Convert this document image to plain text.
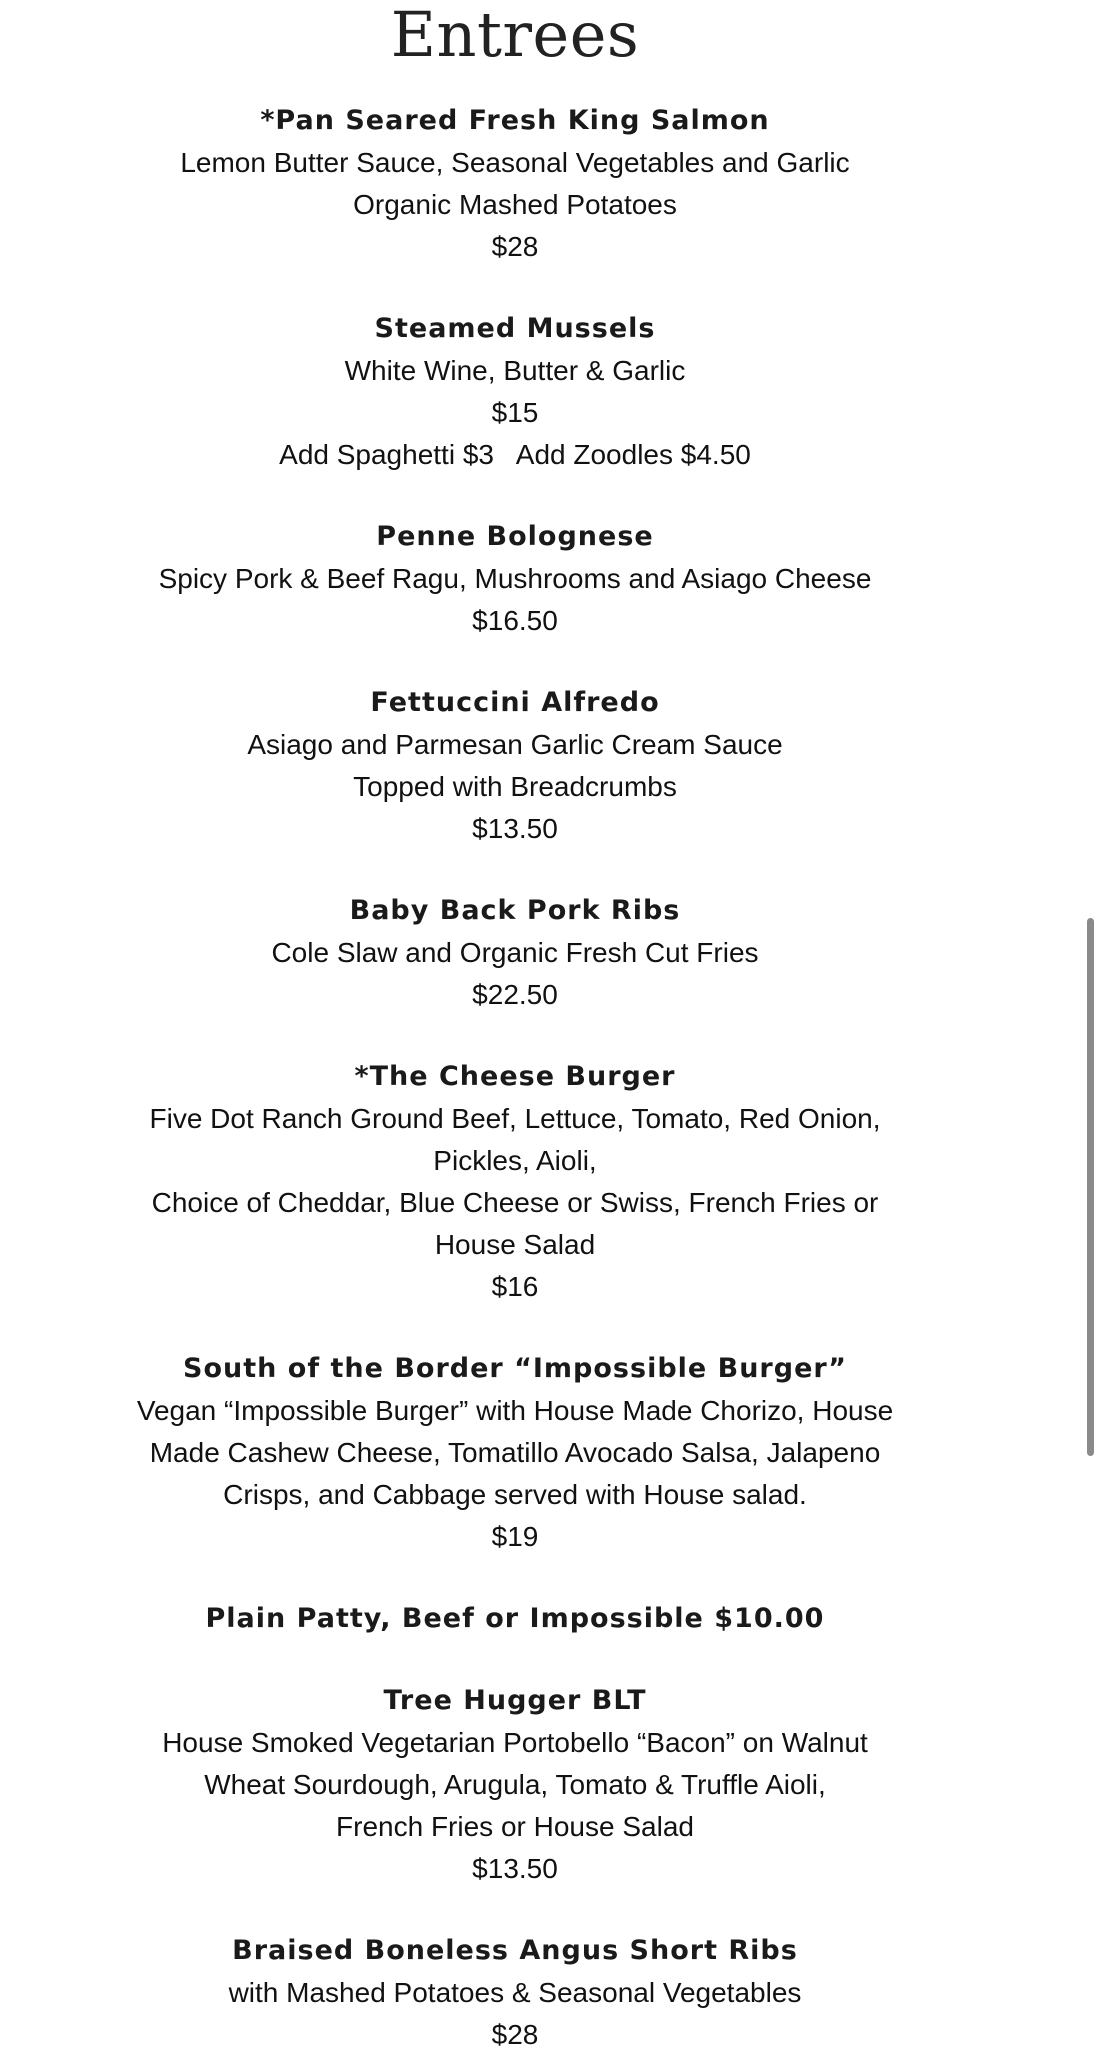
Entrees
*Pan Seared Fresh King Salmon
Lemon Butter Sauce, Seasonal Vegetables and Garlic
Organic Mashed Potatoes
$28
Steamed Mussels
White Wine, Butter & Garlic
$15
Add Spaghetti $3   Add Zoodles $4.50
Penne Bolognese
Spicy Pork & Beef Ragu, Mushrooms and Asiago Cheese
$16.50
Fettuccini Alfredo
Asiago and Parmesan Garlic Cream Sauce
Topped with Breadcrumbs
$13.50
Baby Back Pork Ribs
Cole Slaw and Organic Fresh Cut Fries
$22.50
*The Cheese Burger
Five Dot Ranch Ground Beef, Lettuce, Tomato, Red Onion,
Pickles, Aioli,
Choice of Cheddar, Blue Cheese or Swiss, French Fries or
House Salad
$16
South of the Border “Impossible Burger”
Vegan “Impossible Burger” with House Made Chorizo, House
Made Cashew Cheese, Tomatillo Avocado Salsa, Jalapeno
Crisps, and Cabbage served with House salad.
$19
Plain Patty, Beef or Impossible $10.00
Tree Hugger BLT
House Smoked Vegetarian Portobello “Bacon” on Walnut
Wheat Sourdough, Arugula, Tomato & Truffle Aioli,
French Fries or House Salad
$13.50
Braised Boneless Angus Short Ribs
with Mashed Potatoes & Seasonal Vegetables
$28
